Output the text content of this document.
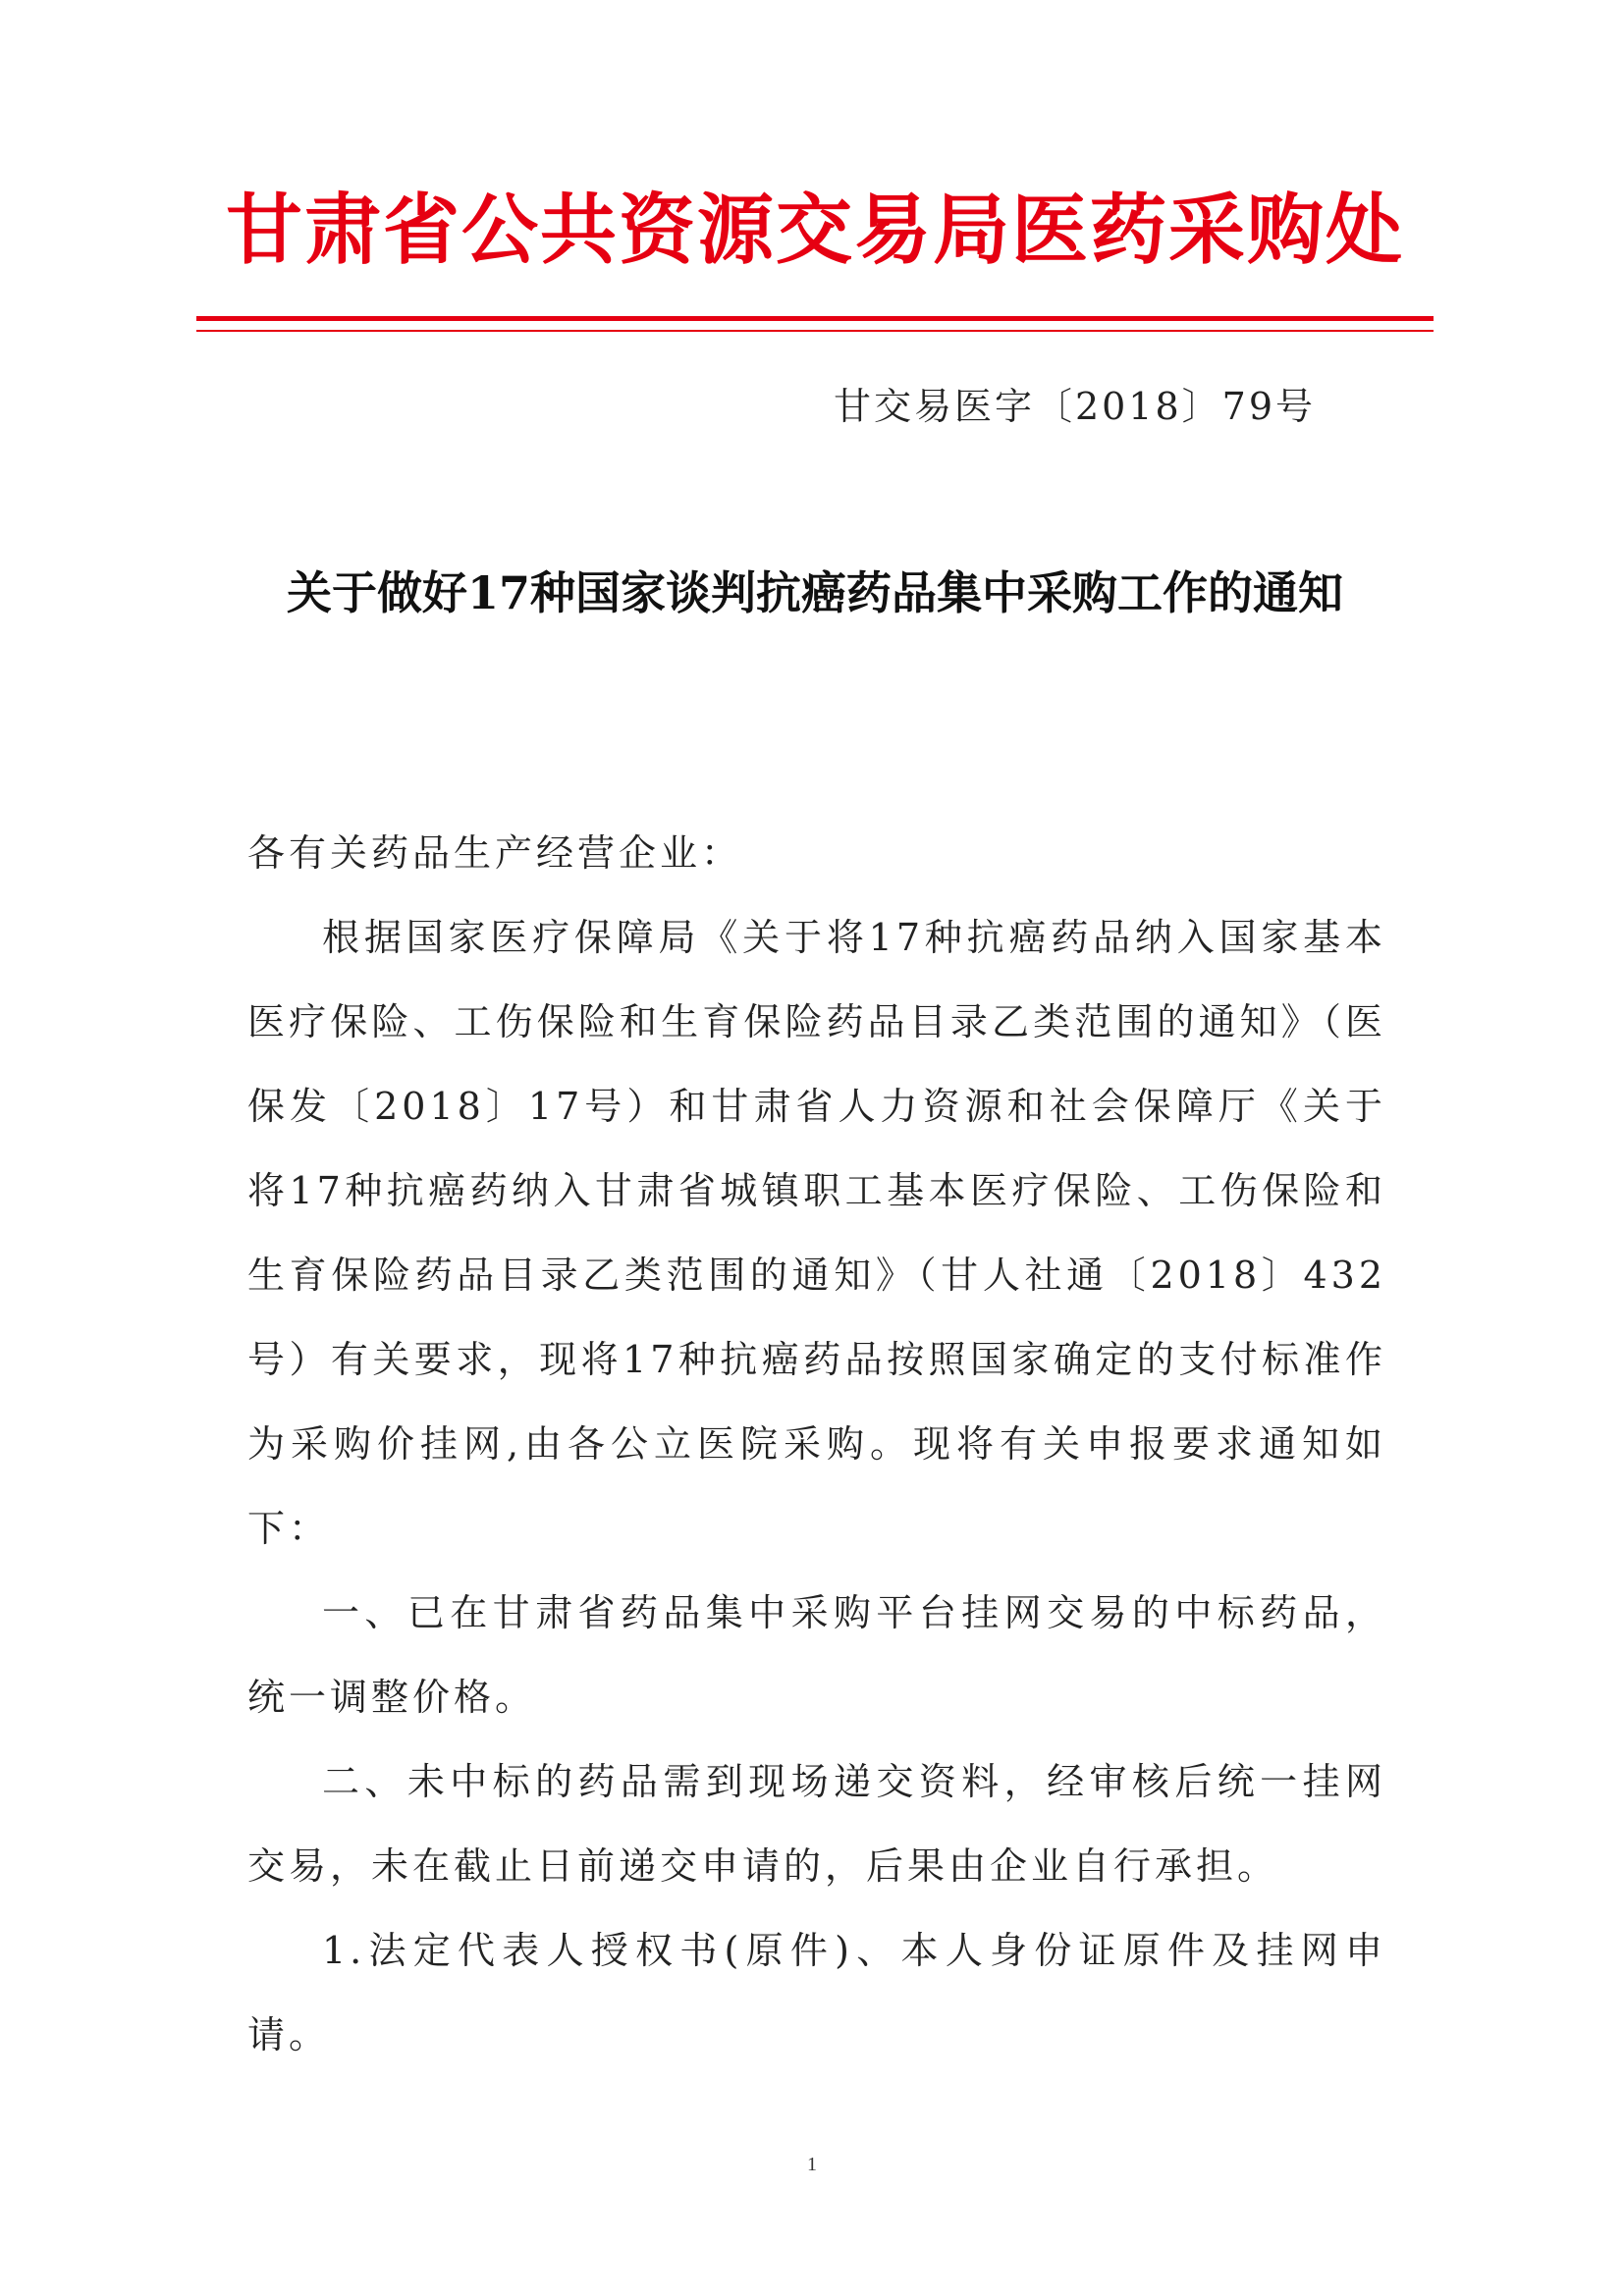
甘肃省公共资源交易局医药采购处
甘交易医字〔2018〕79号
关于做好17种国家谈判抗癌药品集中采购工作的通知
各有关药品生产经营企业：

根据国家医疗保障局《关于将17种抗癌药品纳入国家基本医疗保险、工伤保险和生育保险药品目录乙类范围的通知》（医保发〔2018〕17号）和甘肃省人力资源和社会保障厅《关于将17种抗癌药纳入甘肃省城镇职工基本医疗保险、工伤保险和生育保险药品目录乙类范围的通知》（甘人社通〔2018〕432号）有关要求，现将17种抗癌药品按照国家确定的支付标准作为采购价挂网,由各公立医院采购。现将有关申报要求通知如下：

一、已在甘肃省药品集中采购平台挂网交易的中标药品，统一调整价格。

二、未中标的药品需到现场递交资料，经审核后统一挂网交易，未在截止日前递交申请的，后果由企业自行承担。

1.法定代表人授权书(原件)、本人身份证原件及挂网申请。

1
